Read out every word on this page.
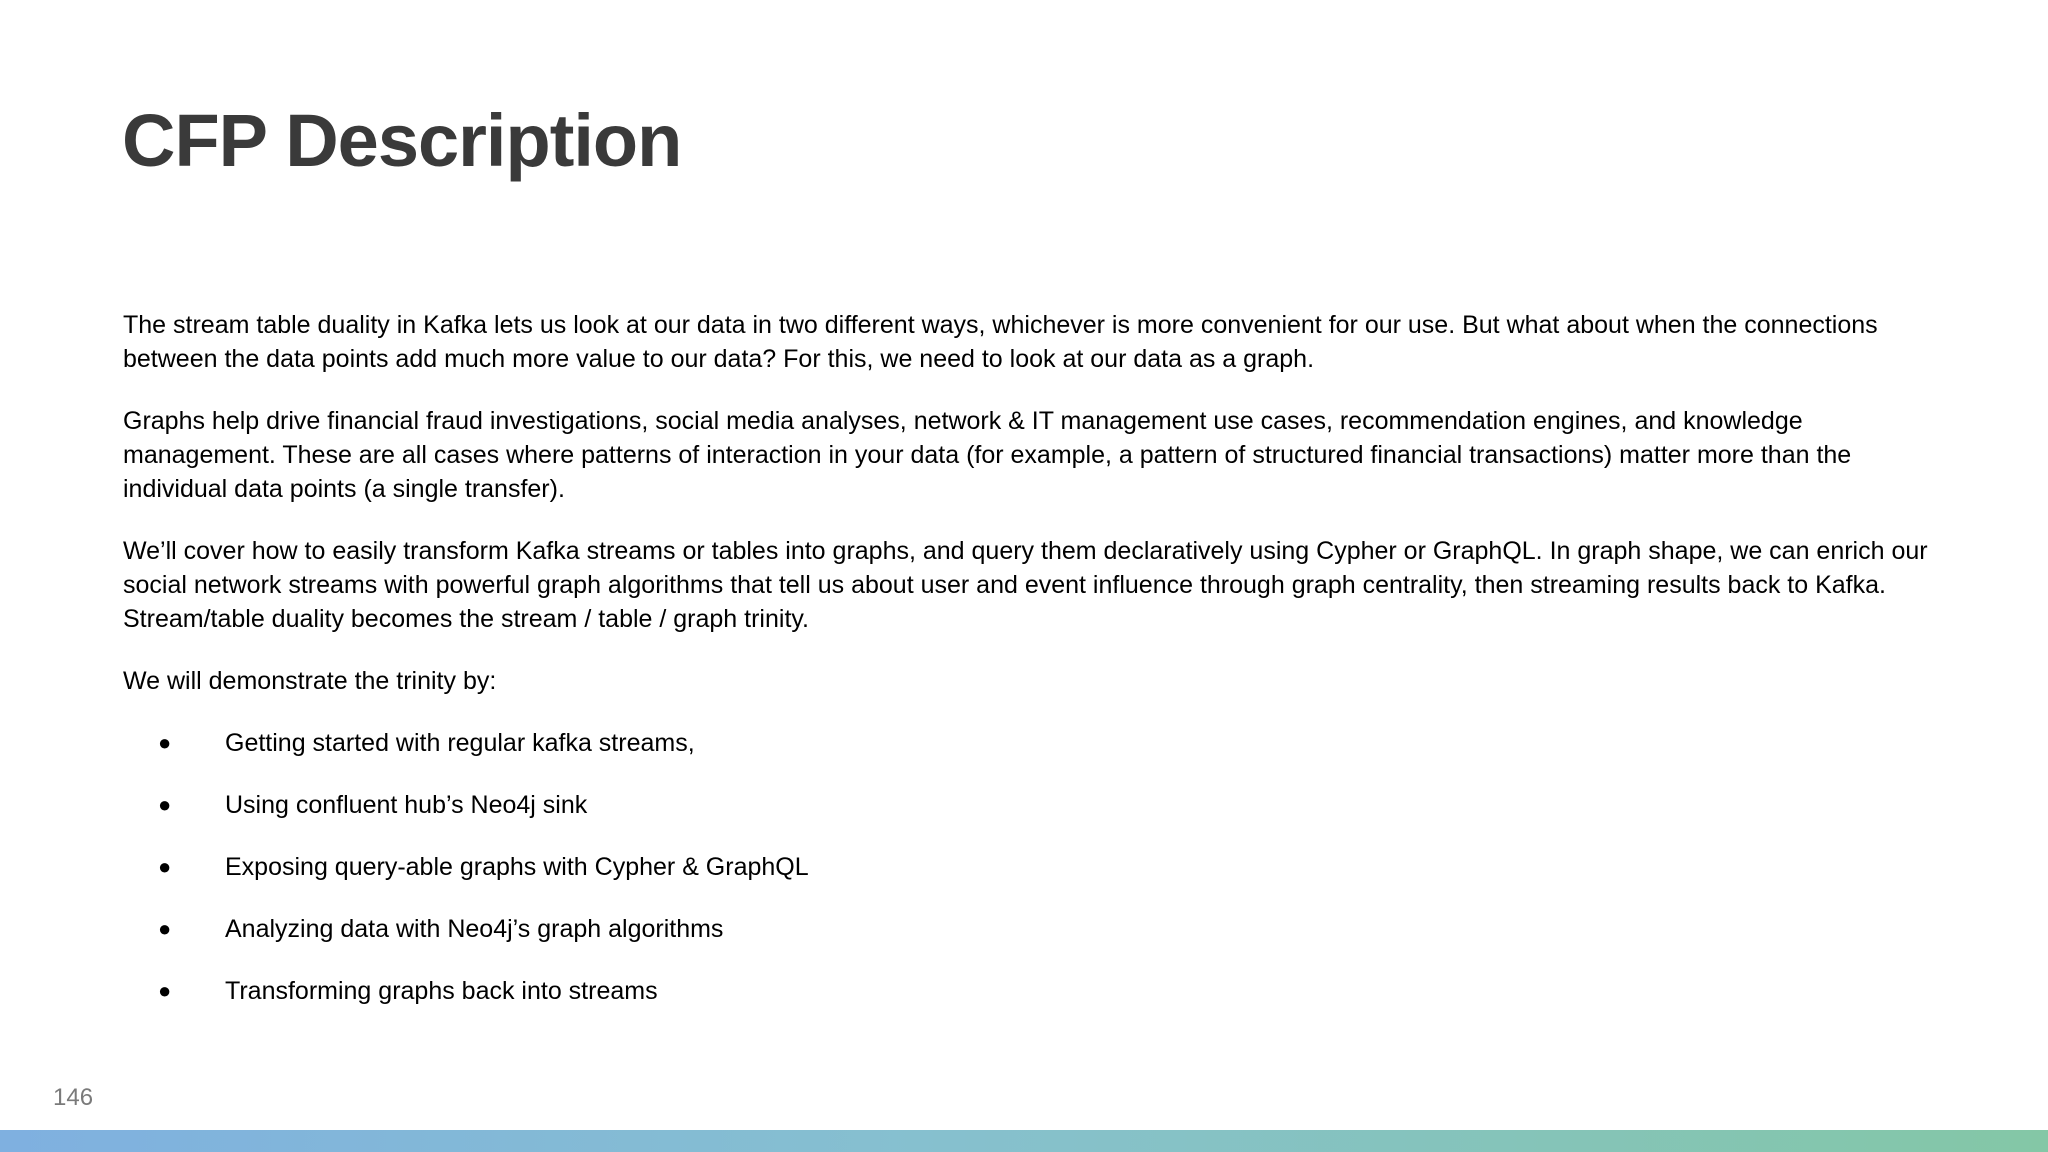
CFP Description

The stream table duality in Kafka lets us look at our data in two different ways, whichever is more convenient for our use. But what about when the connections between the data points add much more value to our data? For this, we need to look at our data as a graph.

Graphs help drive financial fraud investigations, social media analyses, network & IT management use cases, recommendation engines, and knowledge management. These are all cases where patterns of interaction in your data (for example, a pattern of structured financial transactions) matter more than the individual data points (a single transfer).

We’ll cover how to easily transform Kafka streams or tables into graphs, and query them declaratively using Cypher or GraphQL. In graph shape, we can enrich our social network streams with powerful graph algorithms that tell us about user and event influence through graph centrality, then streaming results back to Kafka. Stream/table duality becomes the stream / table / graph trinity.

We will demonstrate the trinity by:

● Getting started with regular kafka streams,
● Using confluent hub’s Neo4j sink
● Exposing query-able graphs with Cypher & GraphQL
● Analyzing data with Neo4j’s graph algorithms
● Transforming graphs back into streams
146
